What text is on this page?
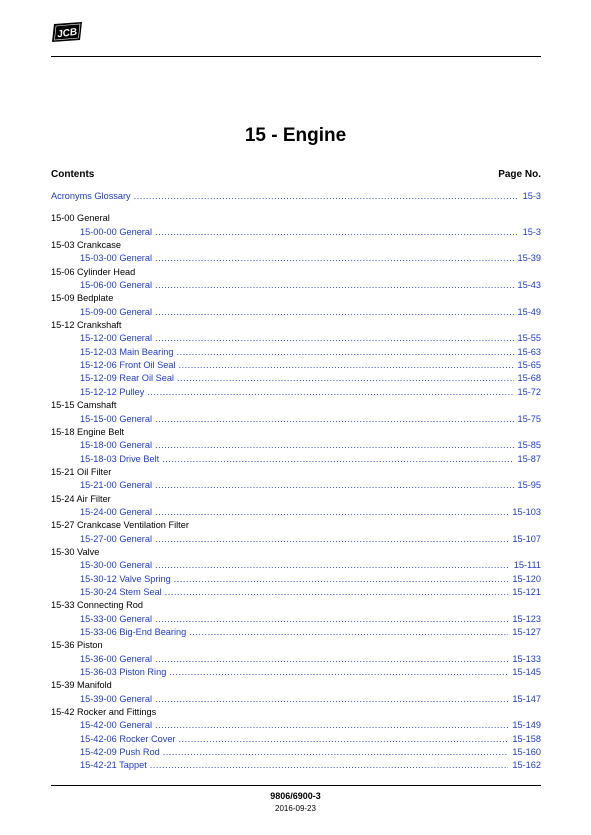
JCB
15 - Engine
Contents	Page No.
Acronyms Glossary .....	15-3
15-00 General
15-00-00 General .....	15-3
15-03 Crankcase
15-03-00 General .....	15-39
15-06 Cylinder Head
15-06-00 General .....	15-43
15-09 Bedplate
15-09-00 General .....	15-49
15-12 Crankshaft
15-12-00 General .....	15-55
15-12-03 Main Bearing .....	15-63
15-12-06 Front Oil Seal .....	15-65
15-12-09 Rear Oil Seal .....	15-68
15-12-12 Pulley .....	15-72
15-15 Camshaft
15-15-00 General .....	15-75
15-18 Engine Belt
15-18-00 General .....	15-85
15-18-03 Drive Belt .....	15-87
15-21 Oil Filter
15-21-00 General .....	15-95
15-24 Air Filter
15-24-00 General .....	15-103
15-27 Crankcase Ventilation Filter
15-27-00 General .....	15-107
15-30 Valve
15-30-00 General .....	15-111
15-30-12 Valve Spring .....	15-120
15-30-24 Stem Seal .....	15-121
15-33 Connecting Rod
15-33-00 General .....	15-123
15-33-06 Big-End Bearing .....	15-127
15-36 Piston
15-36-00 General .....	15-133
15-36-03 Piston Ring .....	15-145
15-39 Manifold
15-39-00 General .....	15-147
15-42 Rocker and Fittings
15-42-00 General .....	15-149
15-42-06 Rocker Cover .....	15-158
15-42-09 Push Rod .....	15-160
15-42-21 Tappet .....	15-162
9806/6900-3
2016-09-23
